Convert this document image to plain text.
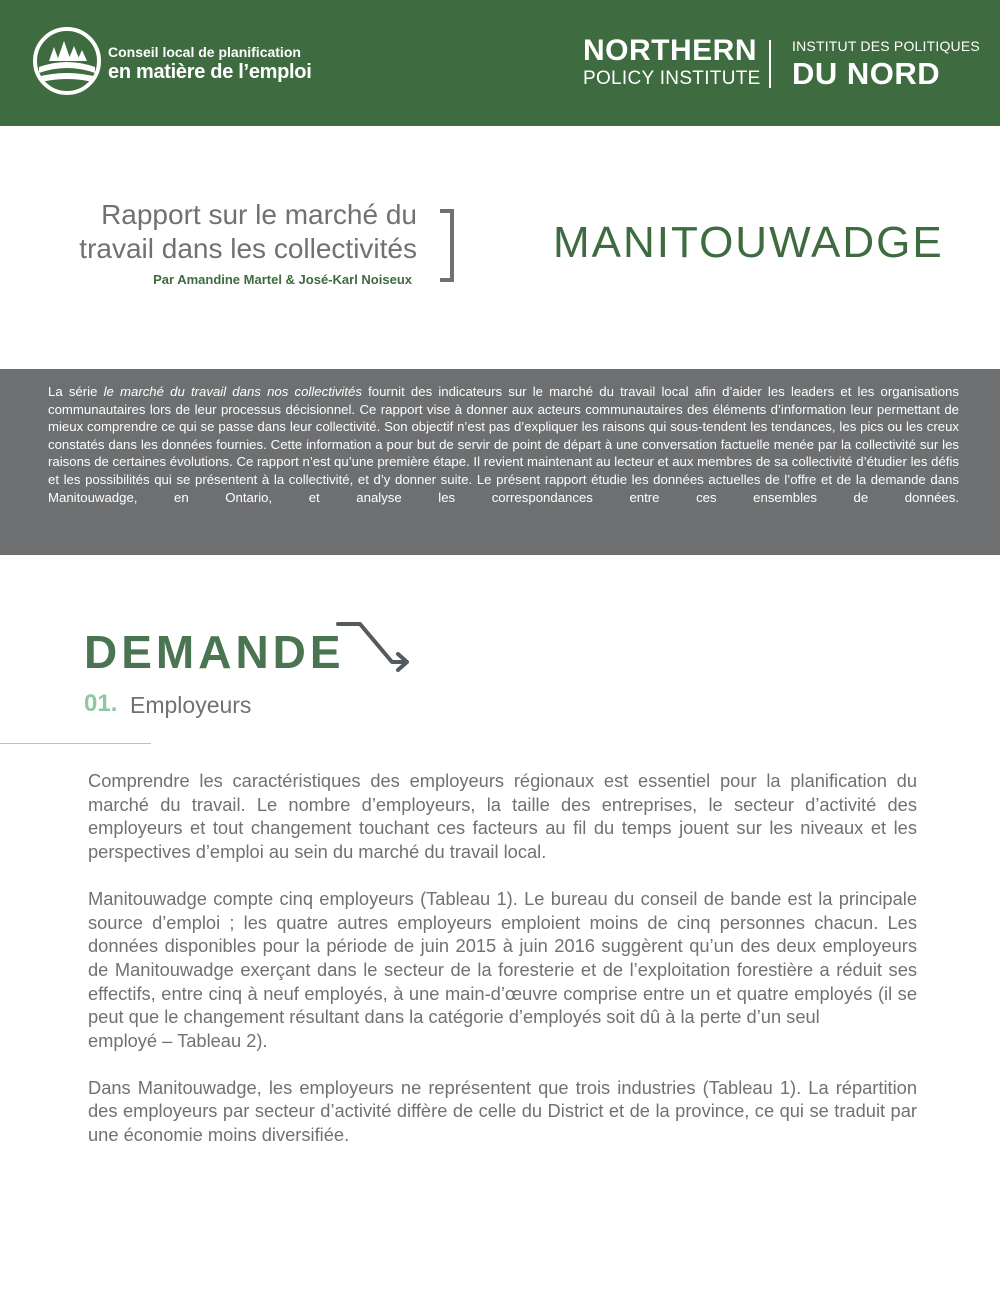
Conseil local de planification
en matière de l’emploi
NORTHERN
POLICY INSTITUTE
INSTITUT DES POLITIQUES
DU NORD
Rapport sur le marché du
travail dans les collectivités
Par Amandine Martel & José-Karl Noiseux
MANITOUWADGE
La série le marché du travail dans nos collectivités fournit des indicateurs sur le marché du travail local afin d’aider les leaders et les organisations communautaires lors de leur processus décisionnel. Ce rapport vise à donner aux acteurs communautaires des éléments d’information leur permettant de mieux comprendre ce qui se passe dans leur collectivité. Son objectif n’est pas d’expliquer les raisons qui sous-tendent les tendances, les pics ou les creux constatés dans les données fournies. Cette information a pour but de servir de point de départ à une conversation factuelle menée par la collectivité sur les raisons de certaines évolutions. Ce rapport n’est qu’une première étape. Il revient maintenant au lecteur et aux membres de sa collectivité d’étudier les défis et les possibilités qui se présentent à la collectivité, et d’y donner suite. Le présent rapport étudie les données actuelles de l’offre et de la demande dans Manitouwadge, en Ontario, et analyse les correspondances entre ces ensembles de données.
DEMANDE
01. Employeurs

Comprendre les caractéristiques des employeurs régionaux est essentiel pour la planification du marché du travail. Le nombre d’employeurs, la taille des entreprises, le secteur d’activité des employeurs et tout changement touchant ces facteurs au fil du temps jouent sur les niveaux et les perspectives d’emploi au sein du marché du travail local.

Manitouwadge compte cinq employeurs (Tableau 1). Le bureau du conseil de bande est la principale source d’emploi ; les quatre autres employeurs emploient moins de cinq personnes chacun. Les données disponibles pour la période de juin 2015 à juin 2016 suggèrent qu’un des deux employeurs de Manitouwadge exerçant dans le secteur de la foresterie et de l’exploitation forestière a réduit ses effectifs, entre cinq à neuf employés, à une main-d’œuvre comprise entre un et quatre employés (il se peut que le changement résultant dans la catégorie d’employés soit dû à la perte d’un seul
employé – Tableau 2).

Dans Manitouwadge, les employeurs ne représentent que trois industries (Tableau 1). La répartition des employeurs par secteur d’activité diffère de celle du District et de la province, ce qui se traduit par une économie moins diversifiée.
